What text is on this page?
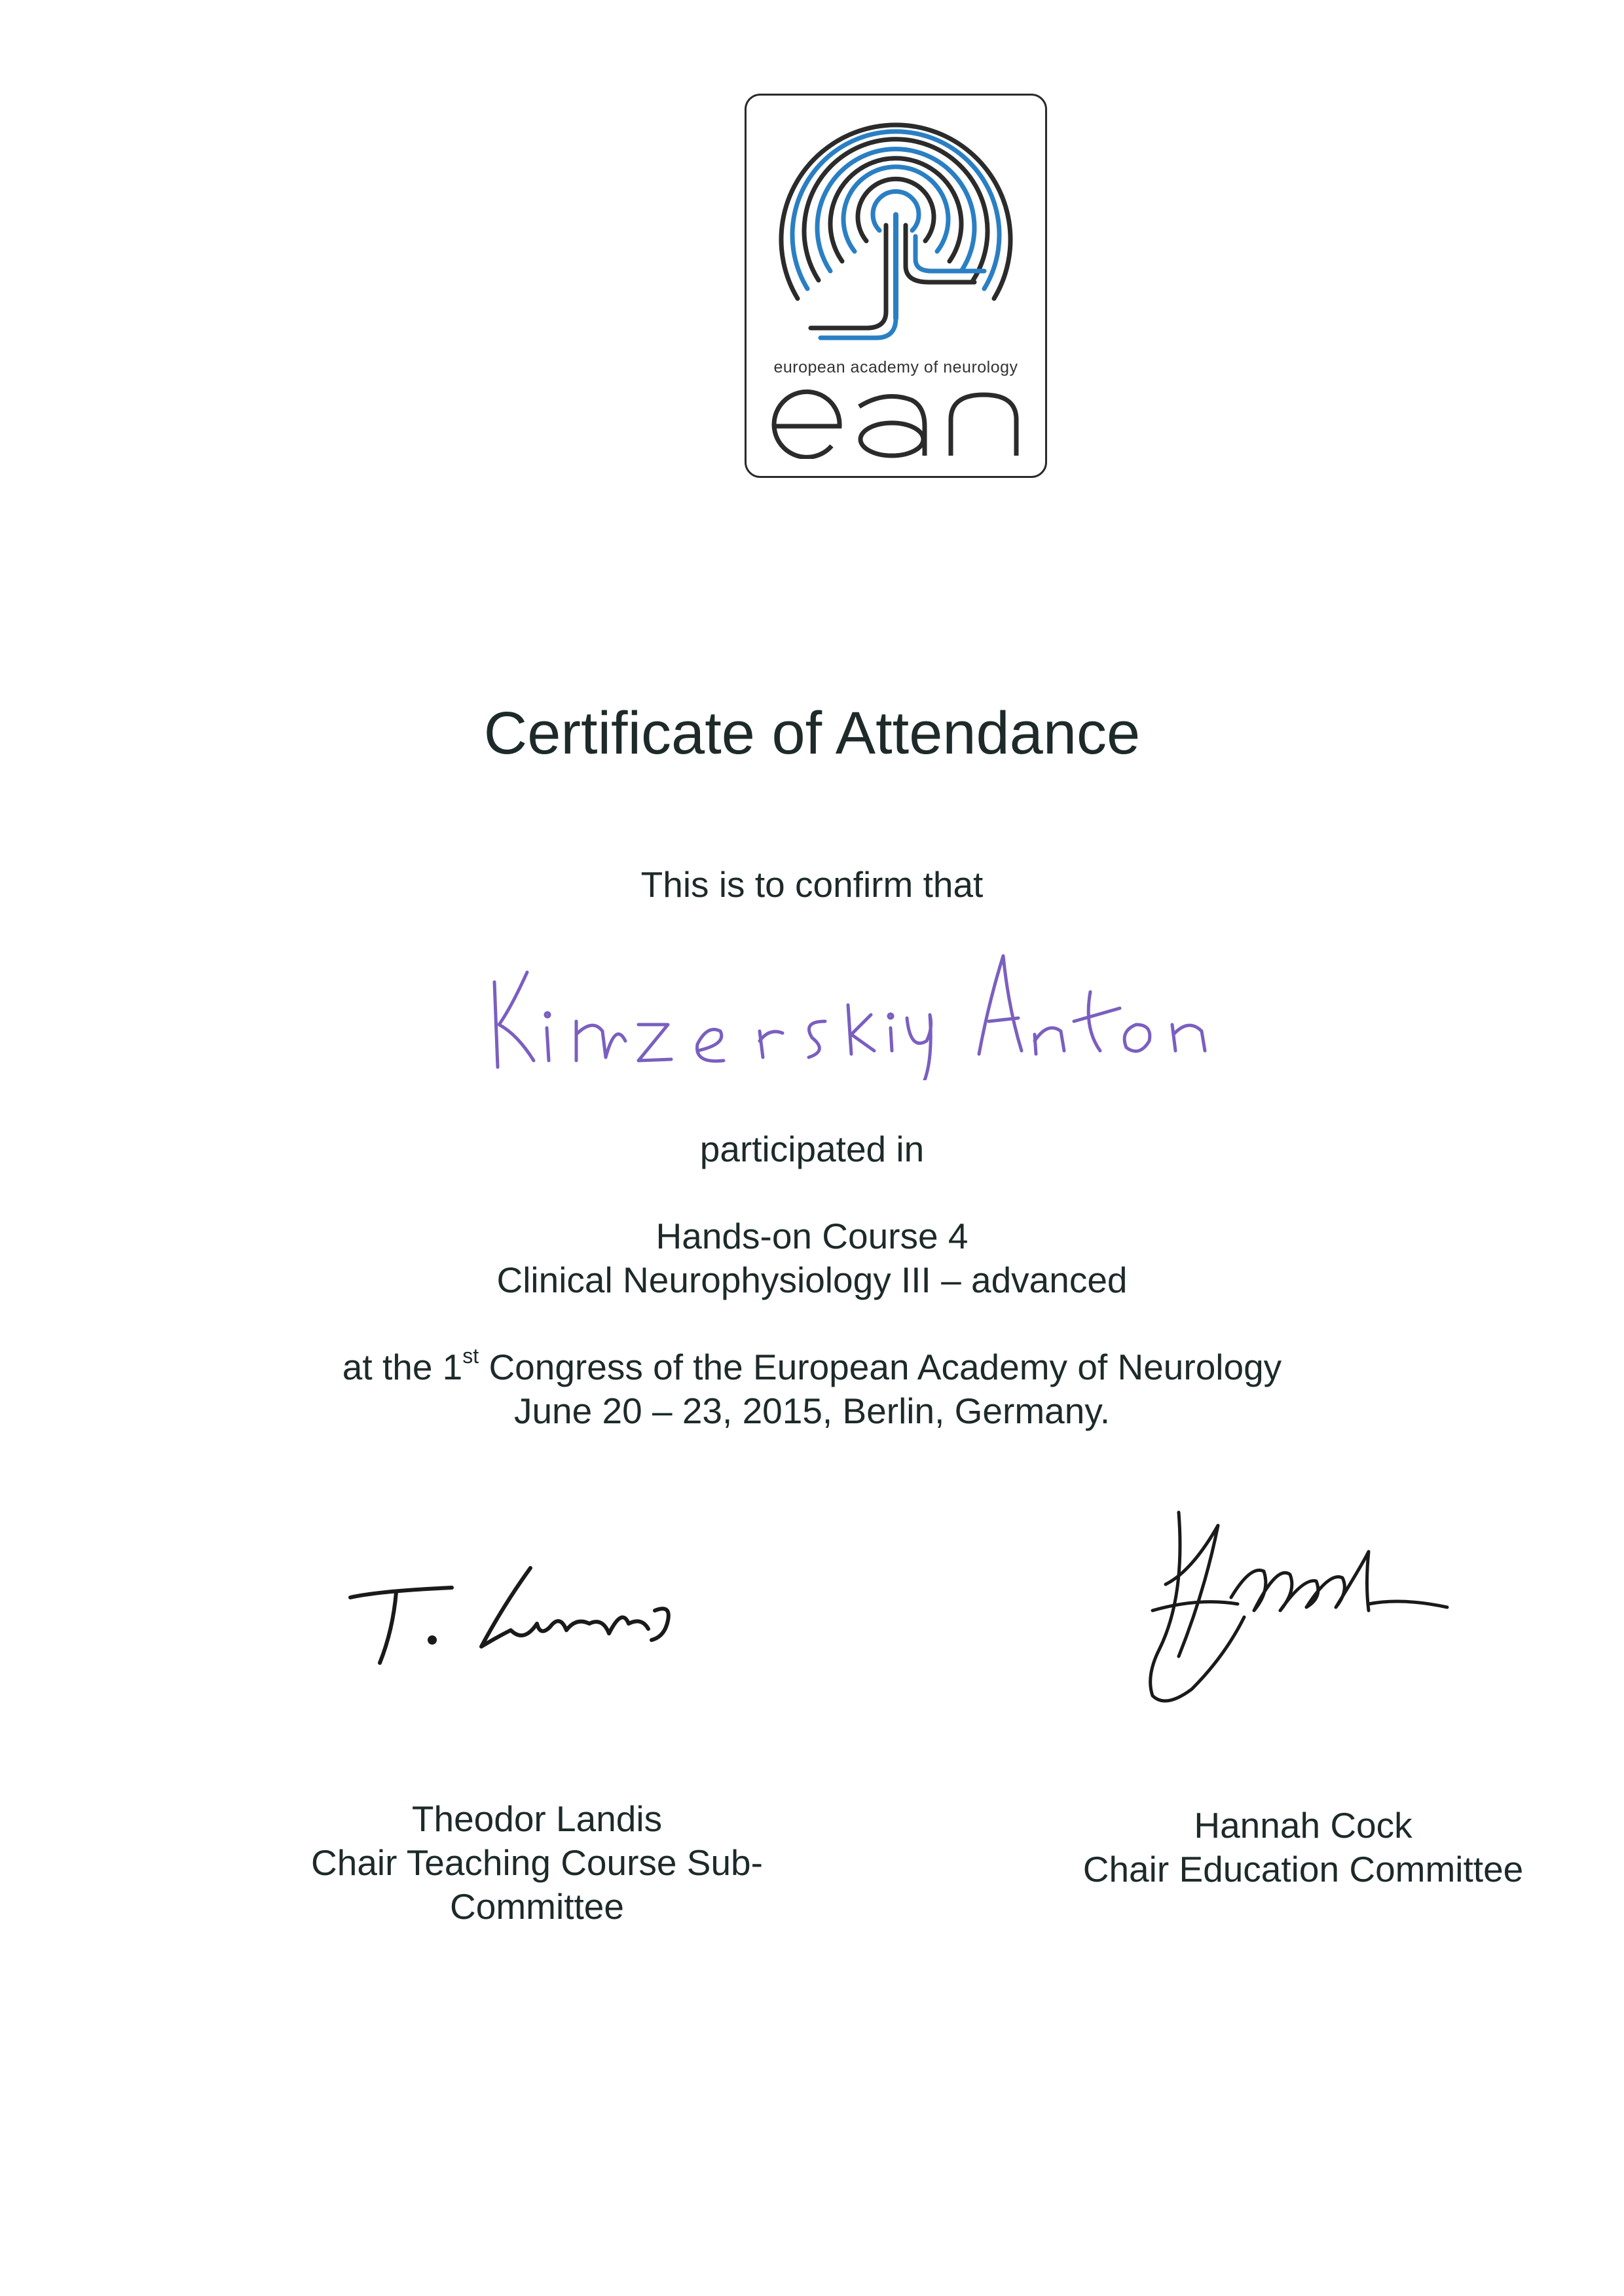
european academy of neurology
Certificate of Attendance
This is to confirm that
participated in
Hands-on Course 4
Clinical Neurophysiology III – advanced
at the 1st Congress of the European Academy of Neurology
June 20 – 23, 2015, Berlin, Germany.
Theodor Landis
Chair Teaching Course Sub-
Committee
Hannah Cock
Chair Education Committee
